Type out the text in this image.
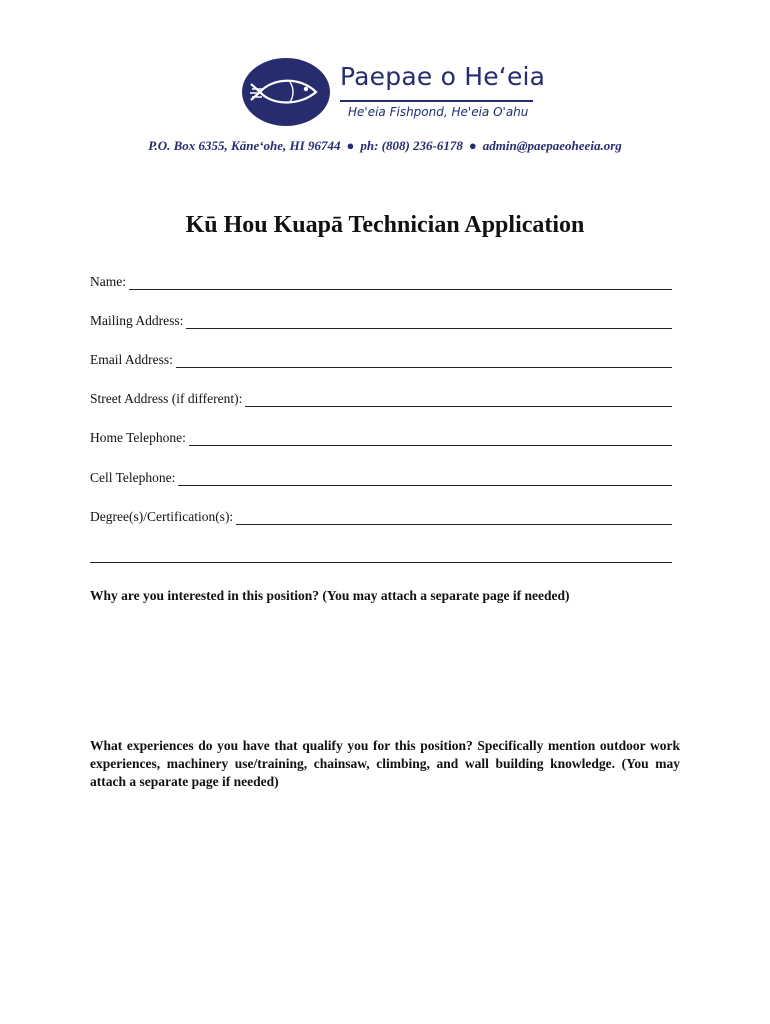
Paepae o He‘eia
He'eia Fishpond, He'eia O'ahu
P.O. Box 6355, Kāne‘ohe, HI 96744 ● ph: (808) 236-6178 ● admin@paepaeoheeia.org
Kū Hou Kuapā Technician Application
Name:
Mailing Address:
Email Address:
Street Address (if different):
Home Telephone:
Cell Telephone:
Degree(s)/Certification(s):
Why are you interested in this position? (You may attach a separate page if needed)
What experiences do you have that qualify you for this position? Specifically mention outdoor work experiences, machinery use/training, chainsaw, climbing, and wall building knowledge. (You may attach a separate page if needed)
